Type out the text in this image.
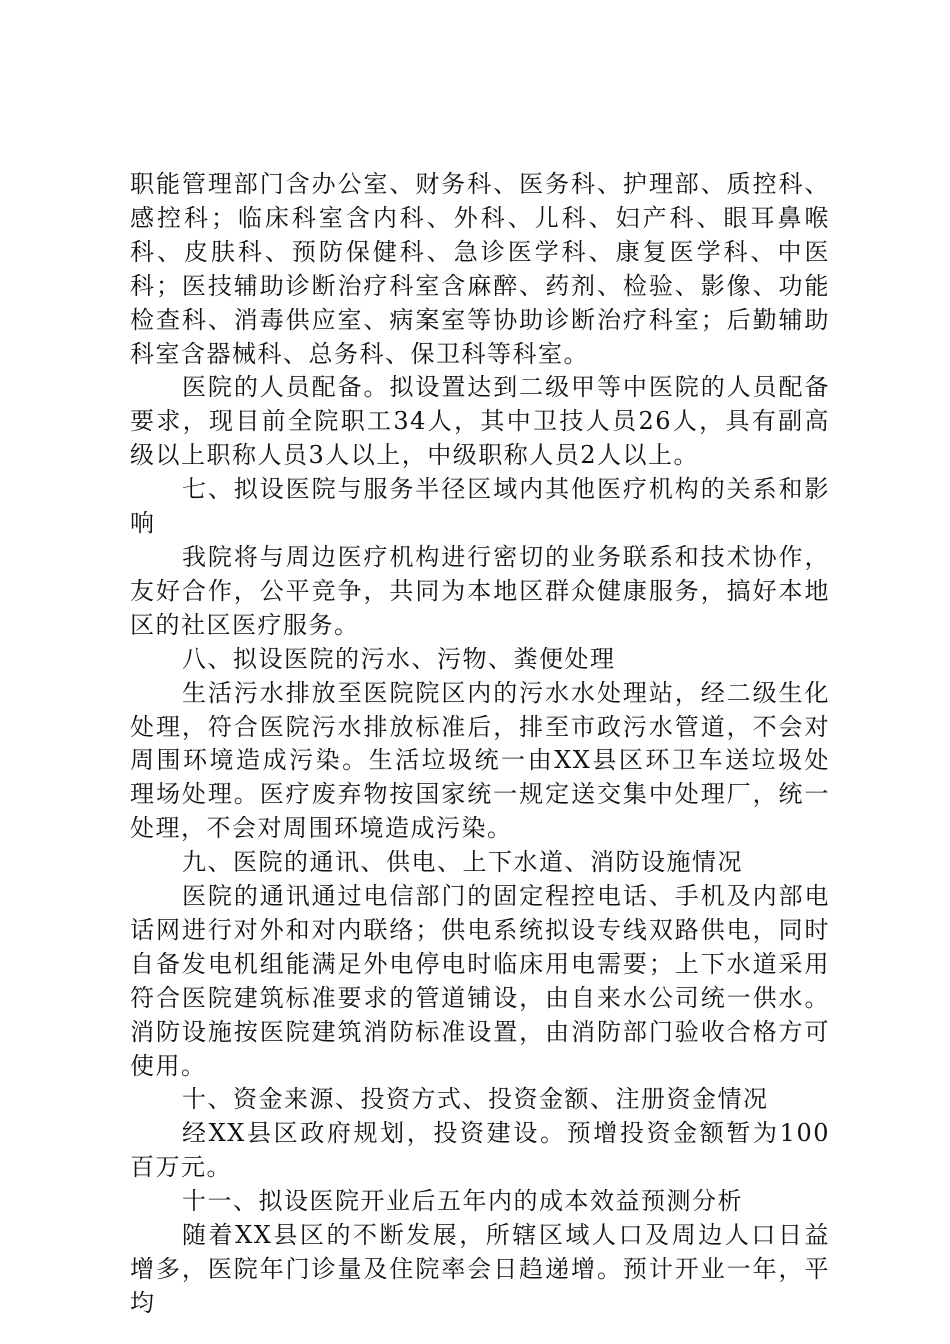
职能管理部门含办公室、财务科、医务科、护理部、质控科、感控科；临床科室含内科、外科、儿科、妇产科、眼耳鼻喉科、皮肤科、预防保健科、急诊医学科、康复医学科、中医科；医技辅助诊断治疗科室含麻醉、药剂、检验、影像、功能检查科、消毒供应室、病案室等协助诊断治疗科室；后勤辅助科室含器械科、总务科、保卫科等科室。

医院的人员配备。拟设置达到二级甲等中医院的人员配备要求，现目前全院职工34人，其中卫技人员26人，具有副高级以上职称人员3人以上，中级职称人员2人以上。

七、拟设医院与服务半径区域内其他医疗机构的关系和影响

我院将与周边医疗机构进行密切的业务联系和技术协作，友好合作，公平竞争，共同为本地区群众健康服务，搞好本地区的社区医疗服务。

八、拟设医院的污水、污物、粪便处理

生活污水排放至医院院区内的污水水处理站，经二级生化处理，符合医院污水排放标准后，排至市政污水管道，不会对周围环境造成污染。生活垃圾统一由XX县区环卫车送垃圾处理场处理。医疗废弃物按国家统一规定送交集中处理厂，统一处理，不会对周围环境造成污染。

九、医院的通讯、供电、上下水道、消防设施情况

医院的通讯通过电信部门的固定程控电话、手机及内部电话网进行对外和对内联络；供电系统拟设专线双路供电，同时自备发电机组能满足外电停电时临床用电需要；上下水道采用符合医院建筑标准要求的管道铺设，由自来水公司统一供水。消防设施按医院建筑消防标准设置，由消防部门验收合格方可使用。

十、资金来源、投资方式、投资金额、注册资金情况

经XX县区政府规划，投资建设。预增投资金额暂为100百万元。

十一、拟设医院开业后五年内的成本效益预测分析

随着XX县区的不断发展，所辖区域人口及周边人口日益增多，医院年门诊量及住院率会日趋递增。预计开业一年，平均
